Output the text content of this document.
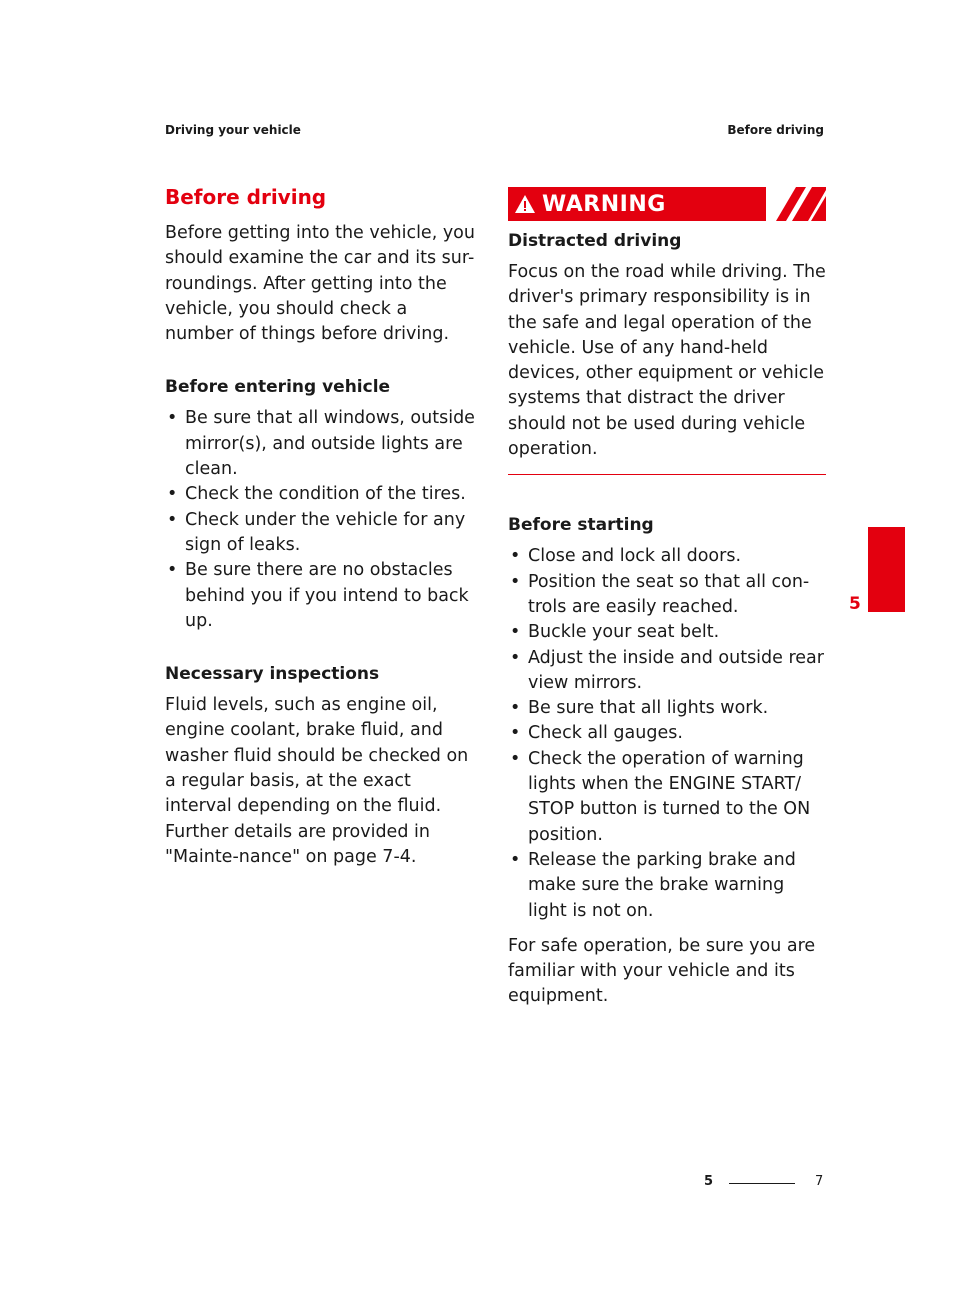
Driving your vehicle	Before driving
Before driving

Before getting into the vehicle, you should examine the car and its sur-roundings. After getting into the vehicle, you should check a number of things before driving.

Before entering vehicle
• Be sure that all windows, outside mirror(s), and outside lights are clean.
• Check the condition of the tires.
• Check under the vehicle for any sign of leaks.
• Be sure there are no obstacles behind you if you intend to back up.
Necessary inspections

Fluid levels, such as engine oil, engine coolant, brake fluid, and washer fluid should be checked on a regular basis, at the exact interval depending on the fluid. Further details are provided in "Mainte-nance" on page 7-4.

WARNING
Distracted driving

Focus on the road while driving. The driver's primary responsibility is in the safe and legal operation of the vehicle. Use of any hand-held devices, other equipment or vehicle systems that distract the driver should not be used during vehicle operation.

Before starting
• Close and lock all doors.
• Position the seat so that all con-trols are easily reached.
• Buckle your seat belt.
• Adjust the inside and outside rear view mirrors.
• Be sure that all lights work.
• Check all gauges.
• Check the operation of warning lights when the ENGINE START/ STOP button is turned to the ON position.
• Release the parking brake and make sure the brake warning light is not on.

For safe operation, be sure you are familiar with your vehicle and its equipment.

5
5	7
